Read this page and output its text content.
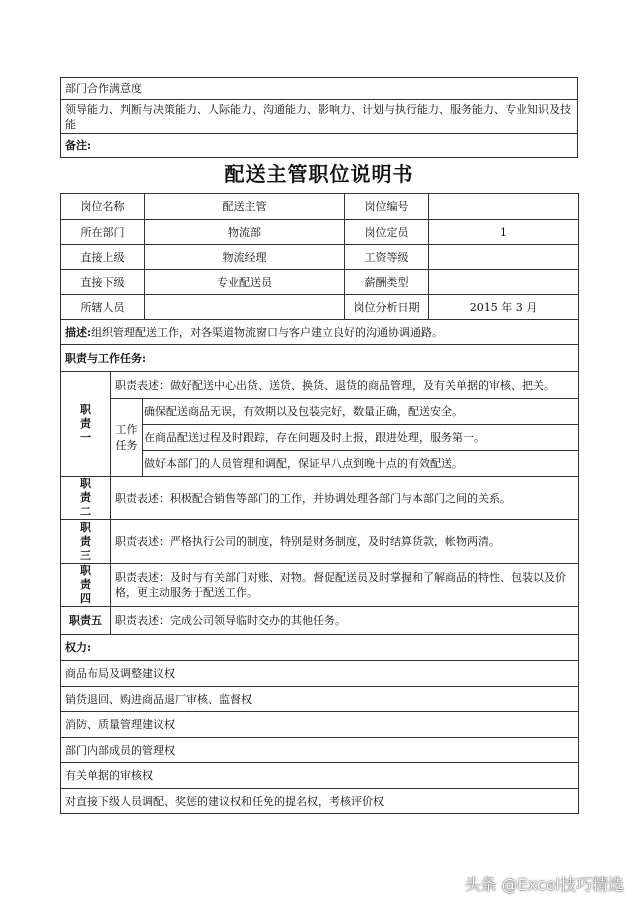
部门合作满意度
领导能力、判断与决策能力、人际能力、沟通能力、影响力、计划与执行能力、服务能力、专业知识及技能
备注:
配送主管职位说明书
岗位名称	配送主管	岗位编号	
所在部门	物流部	岗位定员	1
直接上级	物流经理	工资等级	
直接下级	专业配送员	薪酬类型	
所辖人员		岗位分析日期	2015 年 3 月
描述:组织管理配送工作，对各渠道物流窗口与客户建立良好的沟通协调通路。		
职责与工作任务:		

职
责
一	职责表述：做好配送中心出货、送货、换货、退货的商品管理，及有关单据的审核、把关。	
	工作任务	确保配送商品无误，有效期以及包装完好，数量正确，配送安全。
		在商品配送过程及时跟踪，存在问题及时上报，跟进处理，服务第一。
		做好本部门的人员管理和调配，保证早八点到晚十点的有效配送。

职
责
二	职责表述：积极配合销售等部门的工作，并协调处理各部门与本部门之间的关系。	

职
责
三	职责表述：严格执行公司的制度，特别是财务制度，及时结算货款，帐物两清。	

职
责
四	职责表述：及时与有关部门对账、对物。督促配送员及时掌握和了解商品的特性、包装以及价格，更主动服务于配送工作。	
职责五	职责表述：完成公司领导临时交办的其他任务。	
权力:		
商品布局及调整建议权		
销货退回、购进商品退厂审核、监督权		
消防、质量管理建议权		
部门内部成员的管理权		
有关单据的审核权		
对直接下级人员调配、奖惩的建议权和任免的提名权，考核评价权		
头条 @Excel技巧精选
